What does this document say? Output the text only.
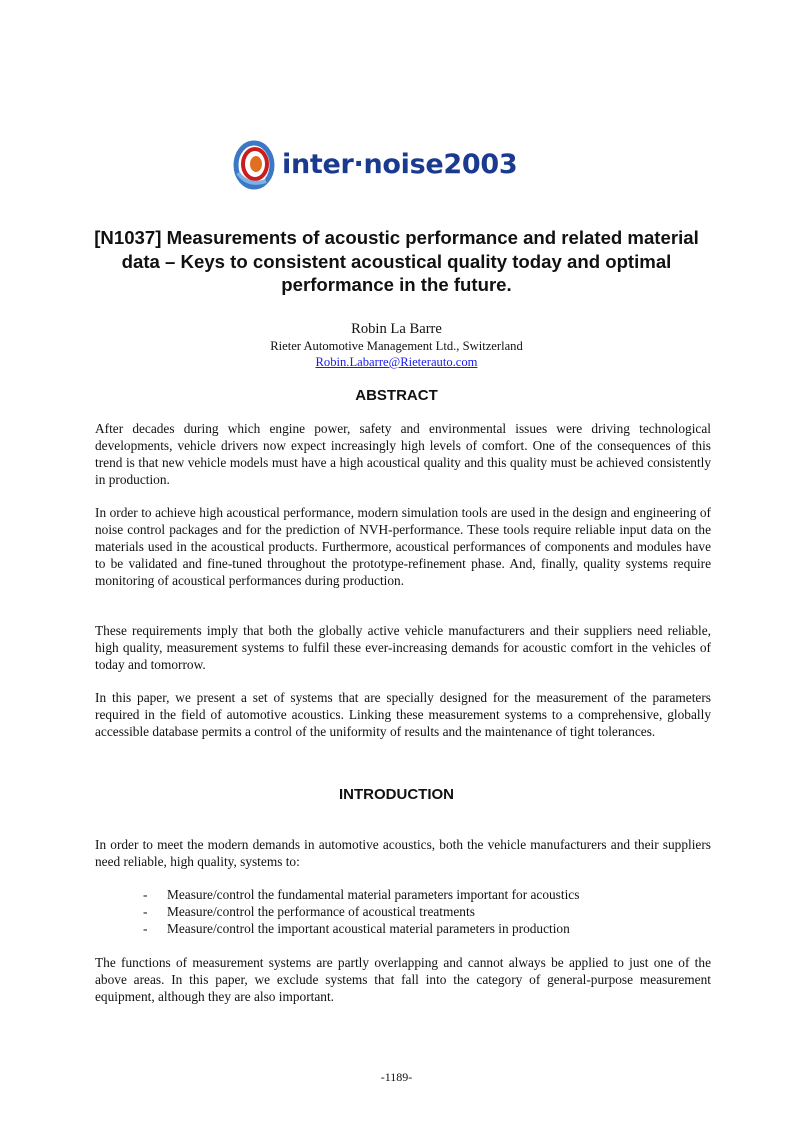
inter·noise2003
[N1037] Measurements of acoustic performance and related material data – Keys to consistent acoustical quality today and optimal performance in the future.
Robin La Barre
Rieter Automotive Management Ltd., Switzerland
Robin.Labarre@Rieterauto.com
ABSTRACT

After decades during which engine power, safety and environmental issues were driving technological developments, vehicle drivers now expect increasingly high levels of comfort. One of the consequences of this trend is that new vehicle models must have a high acoustical quality and this quality must be achieved consistently in production.

In order to achieve high acoustical performance, modern simulation tools are used in the design and engineering of noise control packages and for the prediction of NVH-performance. These tools require reliable input data on the materials used in the acoustical products. Furthermore, acoustical performances of components and modules have to be validated and fine-tuned throughout the prototype-refinement phase. And, finally, quality systems require monitoring of acoustical performances during production.

These requirements imply that both the globally active vehicle manufacturers and their suppliers need reliable, high quality, measurement systems to fulfil these ever-increasing demands for acoustic comfort in the vehicles of today and tomorrow.

In this paper, we present a set of systems that are specially designed for the measurement of the parameters required in the field of automotive acoustics. Linking these measurement systems to a comprehensive, globally accessible database permits a control of the uniformity of results and the maintenance of tight tolerances.

INTRODUCTION

In order to meet the modern demands in automotive acoustics, both the vehicle manufacturers and their suppliers need reliable, high quality, systems to:

- Measure/control the fundamental material parameters important for acoustics
- Measure/control the performance of acoustical treatments
- Measure/control the important acoustical material parameters in production

The functions of measurement systems are partly overlapping and cannot always be applied to just one of the above areas. In this paper, we exclude systems that fall into the category of general-purpose measurement equipment, although they are also important.

-1189-
